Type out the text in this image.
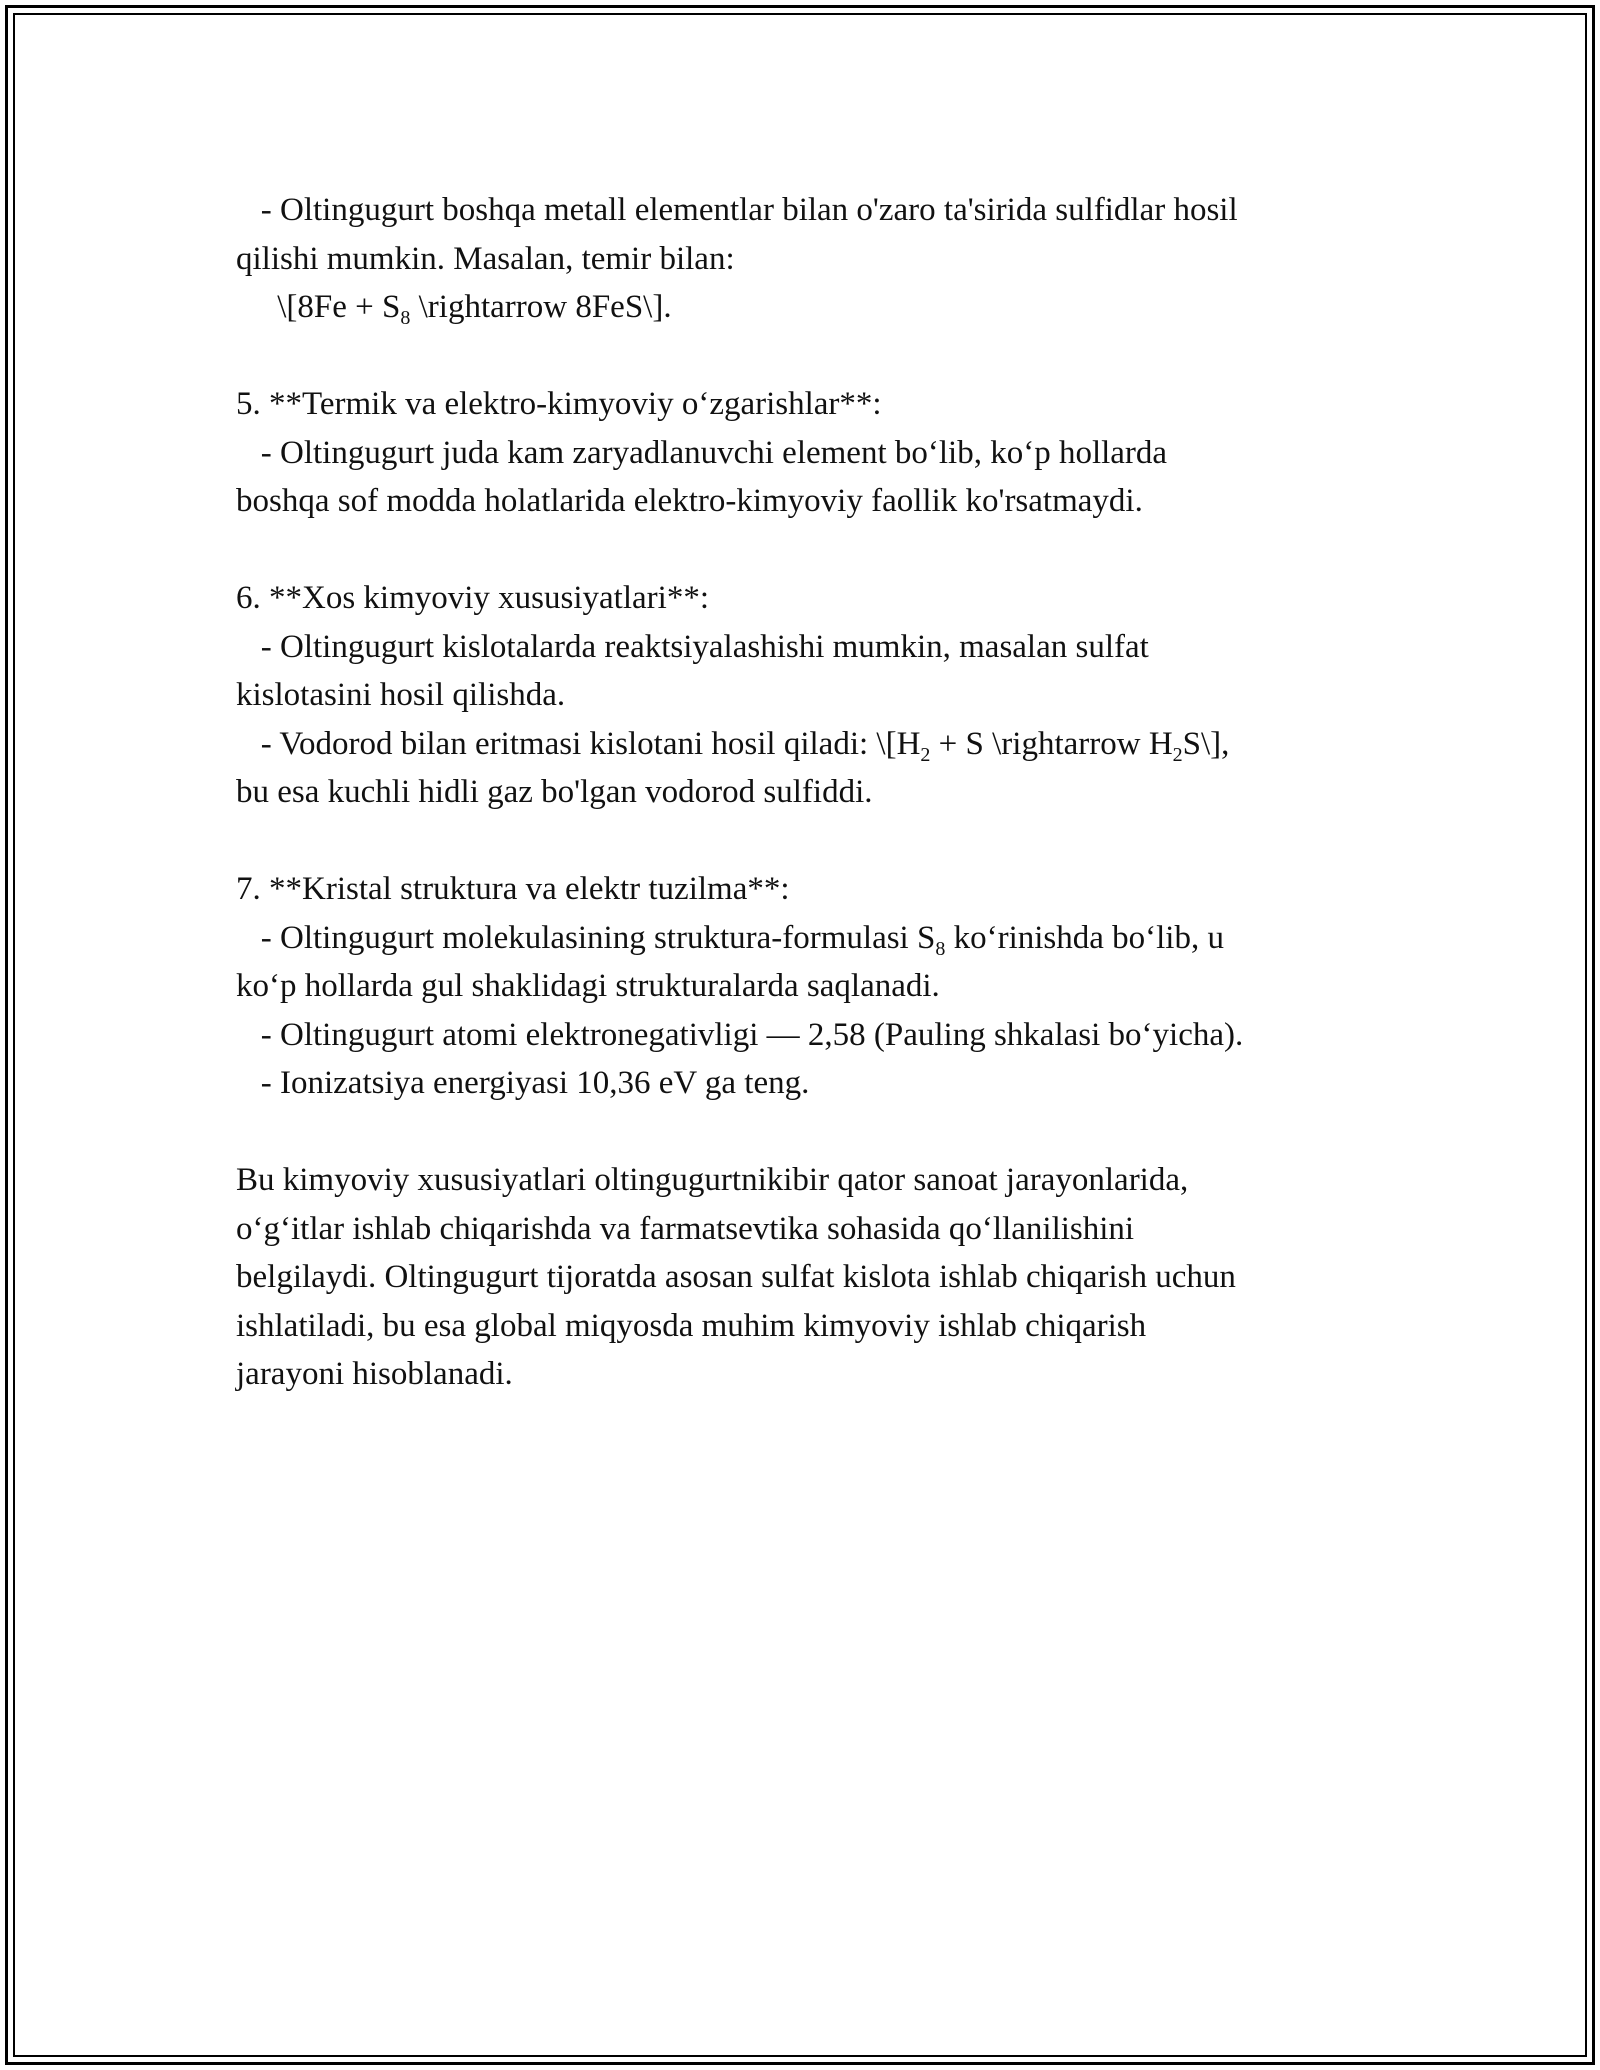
- Oltingugurt boshqa metall elementlar bilan o'zaro ta'sirida sulfidlar hosil
qilishi mumkin. Masalan, temir bilan:
\[8Fe + $S_8$ \rightarrow 8FeS\].
5. **Termik va elektro-kimyoviy o‘zgarishlar**:
- Oltingugurt juda kam zaryadlanuvchi element bo‘lib, ko‘p hollarda
boshqa sof modda holatlarida elektro-kimyoviy faollik ko'rsatmaydi.
6. **Xos kimyoviy xususiyatlari**:
- Oltingugurt kislotalarda reaktsiyalashishi mumkin, masalan sulfat
kislotasini hosil qilishda.
- Vodorod bilan eritmasi kislotani hosil qiladi: $\backslash[H_2 + S$ \rightarrow $H_2S\backslash$],
bu esa kuchli hidli gaz bo'lgan vodorod sulfiddi.
7. **Kristal struktura va elektr tuzilma**:
- Oltingugurt molekulasining struktura-formulasi $S_8$ ko‘rinishda bo‘lib, u
ko‘p hollarda gul shaklidagi strukturalarda saqlanadi.
- Oltingugurt atomi elektronegativligi — 2,58 (Pauling shkalasi bo‘yicha).
- Ionizatsiya energiyasi 10,36 eV ga teng.
Bu kimyoviy xususiyatlari oltingugurtnikibir qator sanoat jarayonlarida,
o‘g‘itlar ishlab chiqarishda va farmatsevtika sohasida qo‘llanilishini
belgilaydi. Oltingugurt tijoratda asosan sulfat kislota ishlab chiqarish uchun
ishlatiladi, bu esa global miqyosda muhim kimyoviy ishlab chiqarish
jarayoni hisoblanadi.
